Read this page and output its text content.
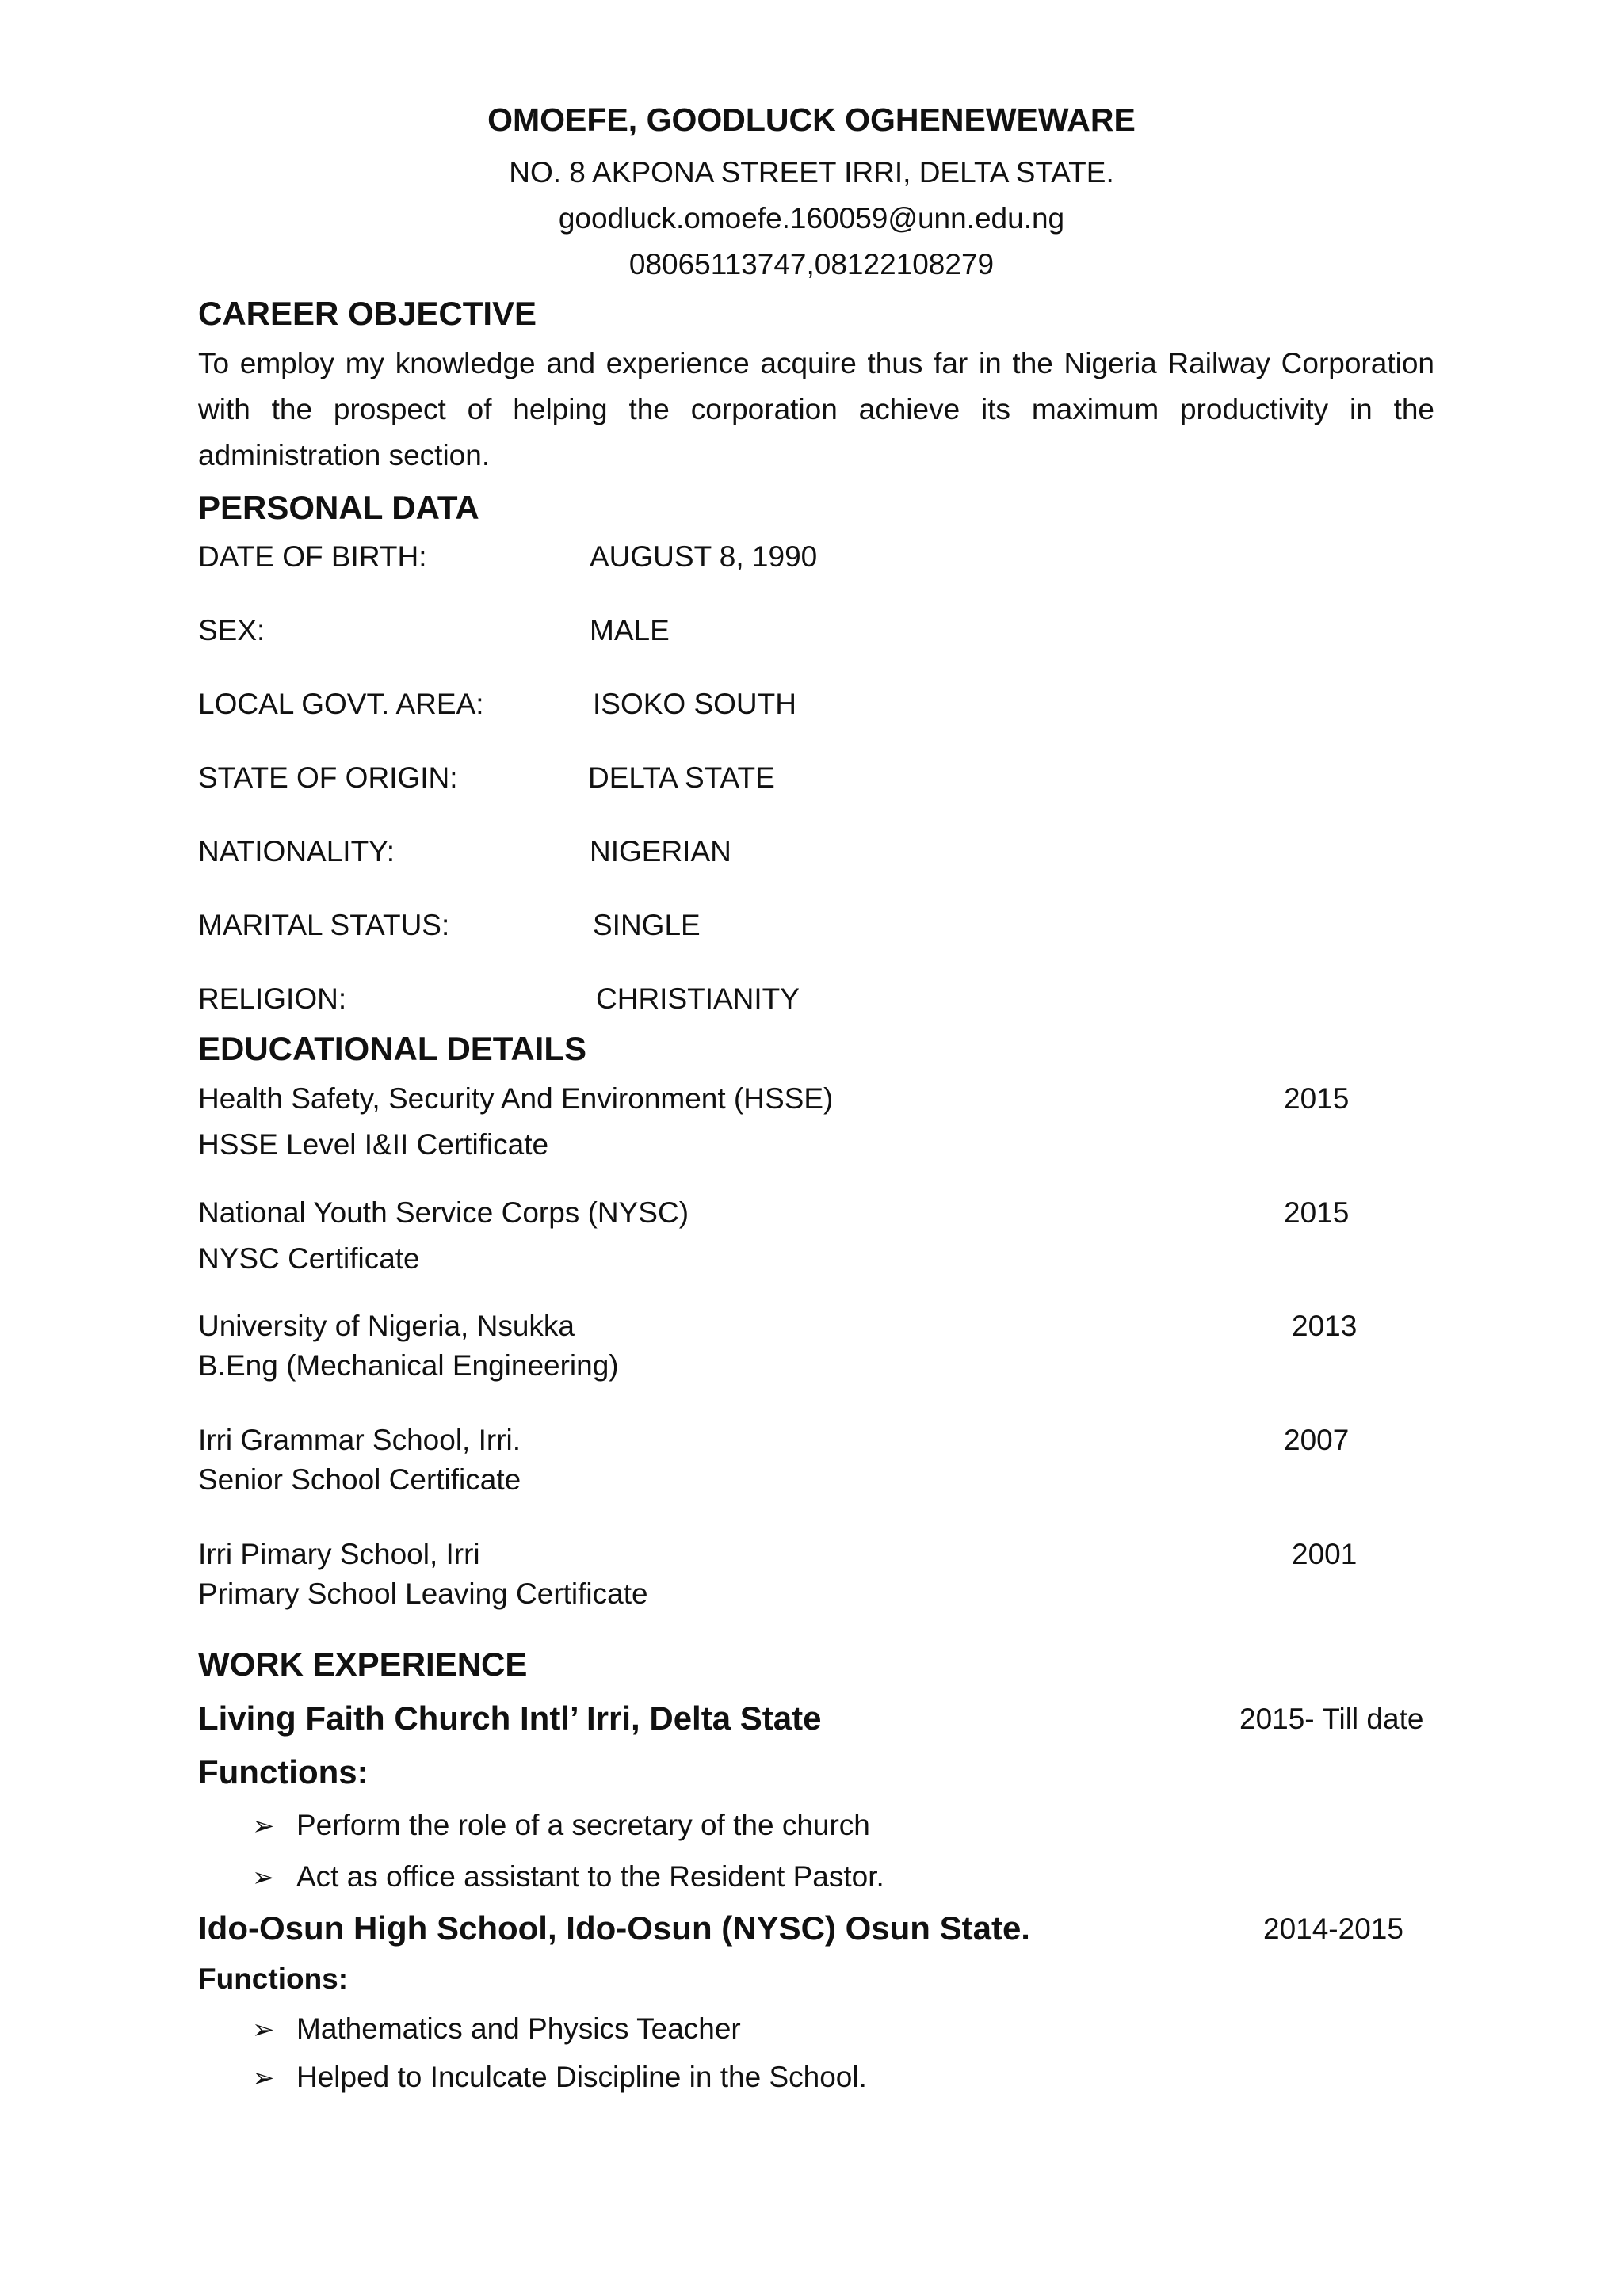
OMOEFE, GOODLUCK OGHENEWEWARE
NO. 8 AKPONA STREET IRRI, DELTA STATE.
goodluck.omoefe.160059@unn.edu.ng
08065113747,08122108279
CAREER OBJECTIVE
To employ my knowledge and experience acquire thus far in the Nigeria Railway Corporation with the prospect of helping the corporation achieve its maximum productivity in the administration section.
PERSONAL DATA
DATE OF BIRTH:	AUGUST 8, 1990
SEX:	MALE
LOCAL GOVT. AREA:	ISOKO SOUTH
STATE OF ORIGIN:	DELTA STATE
NATIONALITY:	NIGERIAN
MARITAL STATUS:	SINGLE
RELIGION:	CHRISTIANITY
EDUCATIONAL DETAILS
Health Safety, Security And Environment (HSSE)	2015
HSSE Level I&II Certificate
National Youth Service Corps (NYSC)	2015
NYSC Certificate
University of Nigeria, Nsukka	2013
B.Eng (Mechanical Engineering)
Irri Grammar School, Irri.	2007
Senior School Certificate
Irri Pimary School, Irri	2001
Primary School Leaving Certificate
WORK EXPERIENCE
Living Faith Church Intl’ Irri, Delta State	2015- Till date
Functions:
➢ Perform the role of a secretary of the church
➢ Act as office assistant to the Resident Pastor.
Ido-Osun High School, Ido-Osun (NYSC) Osun State.	2014-2015
Functions:
➢ Mathematics and Physics Teacher
➢ Helped to Inculcate Discipline in the School.
